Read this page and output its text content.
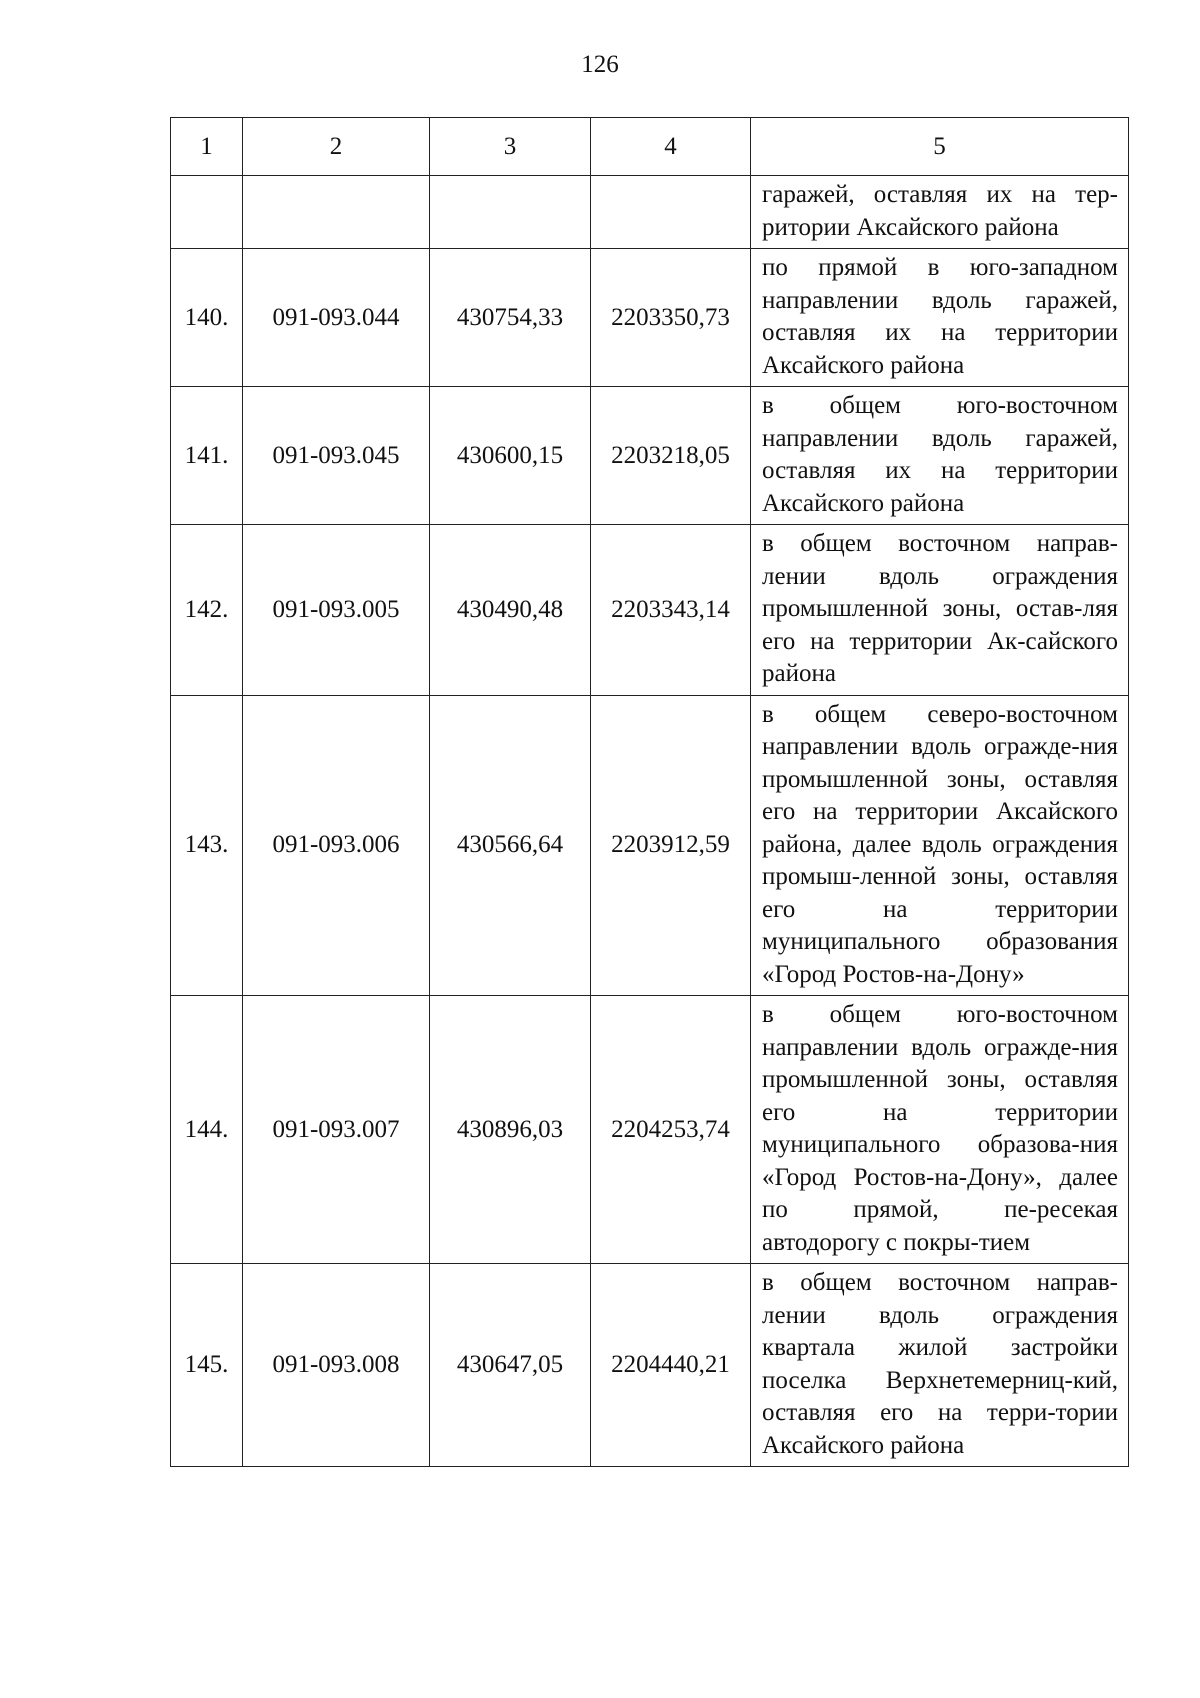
126
1	2	3	4	5
				гаражей, оставляя их на тер-ритории Аксайского района
140.	091-093.044	430754,33	2203350,73	по прямой в юго-западном направлении вдоль гаражей, оставляя их на территории Аксайского района
141.	091-093.045	430600,15	2203218,05	в общем юго-восточном направлении вдоль гаражей, оставляя их на территории Аксайского района
142.	091-093.005	430490,48	2203343,14	в общем восточном направ-лении вдоль ограждения промышленной зоны, остав-ляя его на территории Ак-сайского района
143.	091-093.006	430566,64	2203912,59	в общем северо-восточном направлении вдоль огражде-ния промышленной зоны, оставляя его на территории Аксайского района, далее вдоль ограждения промыш-ленной зоны, оставляя его на территории муниципального образования «Город Ростов-на-Дону»
144.	091-093.007	430896,03	2204253,74	в общем юго-восточном направлении вдоль огражде-ния промышленной зоны, оставляя его на территории муниципального образова-ния «Город Ростов-на-Дону», далее по прямой, пе-ресекая автодорогу с покры-тием
145.	091-093.008	430647,05	2204440,21	в общем восточном направ-лении вдоль ограждения квартала жилой застройки поселка Верхнетемерниц-кий, оставляя его на терри-тории Аксайского района
